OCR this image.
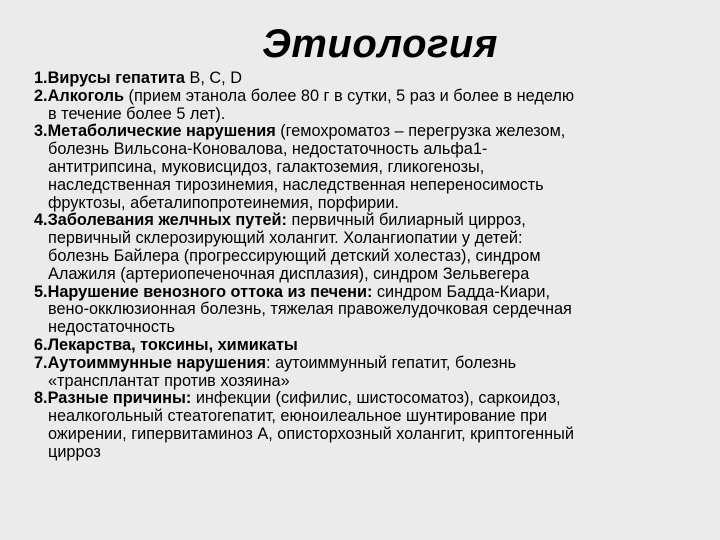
Этиология
1.Вирусы гепатита В, С, D
2.Алкоголь (прием этанола более 80 г в сутки, 5 раз и более в неделю
в течение более 5 лет).
3.Метаболические нарушения (гемохроматоз – перегрузка железом,
болезнь Вильсона-Коновалова, недостаточность альфа1-
антитрипсина, муковисцидоз, галактоземия, гликогенозы,
наследственная тирозинемия, наследственная непереносимость
фруктозы, абеталипопротеинемия, порфирии.
4.Заболевания желчных путей: первичный билиарный цирроз,
первичный склерозирующий холангит. Холангиопатии у детей:
болезнь Байлера (прогрессирующий детский холестаз), синдром
Алажиля (артериопеченочная дисплазия), синдром Зельвегера
5.Нарушение венозного оттока из печени: синдром Бадда-Киари,
вено-окклюзионная болезнь, тяжелая правожелудочковая сердечная
недостаточность
6.Лекарства, токсины, химикаты
7.Аутоиммунные нарушения: аутоиммунный гепатит, болезнь
«трансплантат против хозяина»
8.Разные причины: инфекции (сифилис, шистосоматоз), саркоидоз,
неалкогольный стеатогепатит, еюноилеальное шунтирование при
ожирении, гипервитаминоз А, описторхозный холангит, криптогенный
цирроз
